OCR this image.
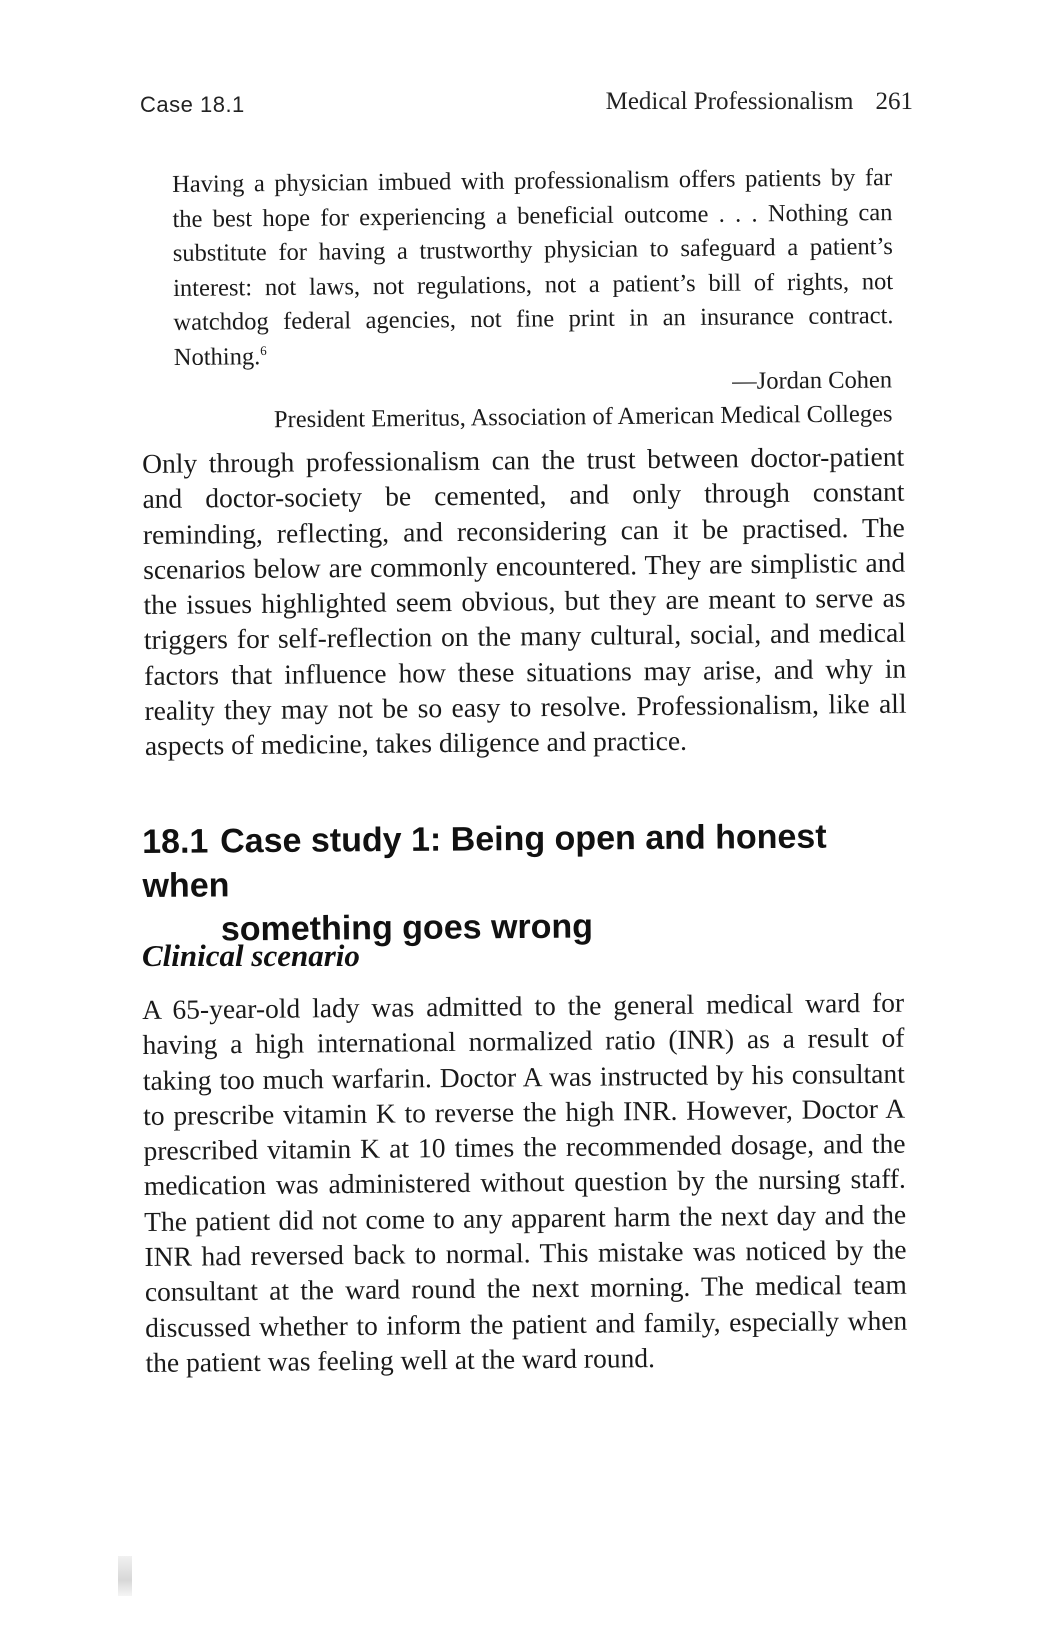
Case 18.1	Medical Professionalism 261
Having a physician imbued with professionalism offers patients by far the best hope for experiencing a beneficial outcome . . . Nothing can substitute for having a trustworthy physician to safeguard a patient’s interest: not laws, not regulations, not a patient’s bill of rights, not watchdog federal agencies, not fine print in an insurance contract. Nothing.$^6$
—Jordan Cohen
President Emeritus, Association of American Medical Colleges
Only through professionalism can the trust between doctor-patient and doctor-society be cemented, and only through constant reminding, reflecting, and reconsidering can it be practised. The scenarios below are commonly encountered. They are simplistic and the issues highlighted seem obvious, but they are meant to serve as triggers for self-reflection on the many cultural, social, and medical factors that influence how these situations may arise, and why in reality they may not be so easy to resolve. Professionalism, like all aspects of medicine, takes diligence and practice.
18.1 Case study 1: Being open and honest when
something goes wrong
Clinical scenario
A 65-year-old lady was admitted to the general medical ward for having a high international normalized ratio (INR) as a result of taking too much warfarin. Doctor A was instructed by his consultant to prescribe vitamin K to reverse the high INR. However, Doctor A prescribed vitamin K at 10 times the recommended dosage, and the medication was administered without question by the nursing staff. The patient did not come to any apparent harm the next day and the INR had reversed back to normal. This mistake was noticed by the consultant at the ward round the next morning. The medical team discussed whether to inform the patient and family, especially when the patient was feeling well at the ward round.
